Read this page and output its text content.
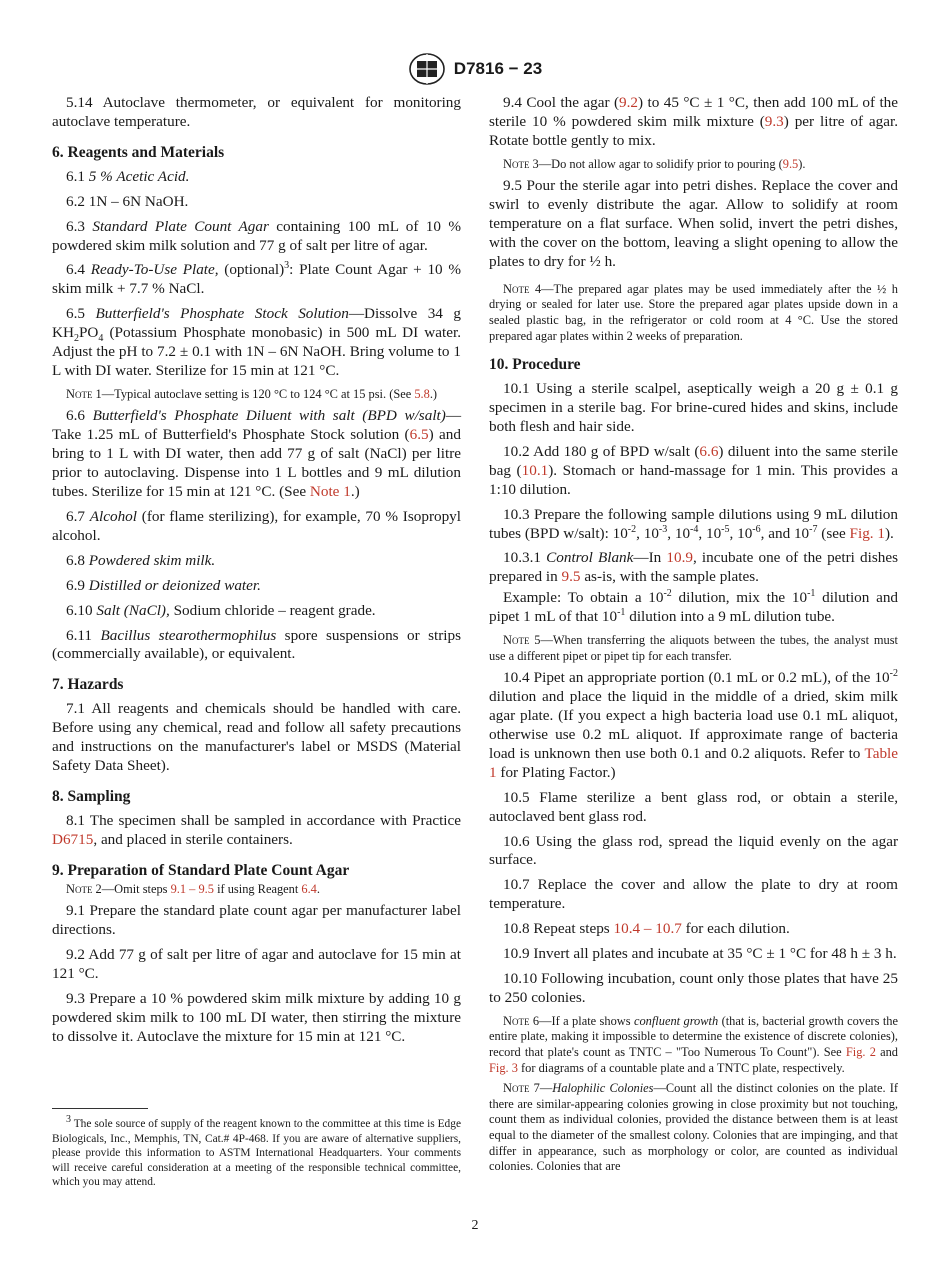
D7816 − 23

5.14 Autoclave thermometer, or equivalent for monitoring autoclave temperature.

6. Reagents and Materials

6.1 5 % Acetic Acid.

6.2 1N – 6N NaOH.

6.3 Standard Plate Count Agar containing 100 mL of 10 % powdered skim milk solution and 77 g of salt per litre of agar.

6.4 Ready-To-Use Plate, (optional)$^3$: Plate Count Agar + 10 % skim milk + 7.7 % NaCl.

6.5 Butterfield's Phosphate Stock Solution—Dissolve 34 g $KH_2PO_4$ (Potassium Phosphate monobasic) in 500 mL DI water. Adjust the pH to 7.2 ± 0.1 with 1N – 6N NaOH. Bring volume to 1 L with DI water. Sterilize for 15 min at 121 °C.

Note 1—Typical autoclave setting is 120 °C to 124 °C at 15 psi. (See 5.8.)

6.6 Butterfield's Phosphate Diluent with salt (BPD w/salt)—Take 1.25 mL of Butterfield's Phosphate Stock solution (6.5) and bring to 1 L with DI water, then add 77 g of salt (NaCl) per litre prior to autoclaving. Dispense into 1 L bottles and 9 mL dilution tubes. Sterilize for 15 min at 121 °C. (See Note 1.)

6.7 Alcohol (for flame sterilizing), for example, 70 % Isopropyl alcohol.

6.8 Powdered skim milk.

6.9 Distilled or deionized water.

6.10 Salt (NaCl), Sodium chloride – reagent grade.

6.11 Bacillus stearothermophilus spore suspensions or strips (commercially available), or equivalent.

7. Hazards

7.1 All reagents and chemicals should be handled with care. Before using any chemical, read and follow all safety precautions and instructions on the manufacturer's label or MSDS (Material Safety Data Sheet).

8. Sampling

8.1 The specimen shall be sampled in accordance with Practice D6715, and placed in sterile containers.

9. Preparation of Standard Plate Count Agar

Note 2—Omit steps 9.1 – 9.5 if using Reagent 6.4.

9.1 Prepare the standard plate count agar per manufacturer label directions.

9.2 Add 77 g of salt per litre of agar and autoclave for 15 min at 121 °C.

9.3 Prepare a 10 % powdered skim milk mixture by adding 10 g powdered skim milk to 100 mL DI water, then stirring the mixture to dissolve it. Autoclave the mixture for 15 min at 121 °C.

$^3$ The sole source of supply of the reagent known to the committee at this time is Edge Biologicals, Inc., Memphis, TN, Cat.# 4P-468. If you are aware of alternative suppliers, please provide this information to ASTM International Headquarters. Your comments will receive careful consideration at a meeting of the responsible technical committee, which you may attend.

9.4 Cool the agar (9.2) to 45 °C ± 1 °C, then add 100 mL of the sterile 10 % powdered skim milk mixture (9.3) per litre of agar. Rotate bottle gently to mix.

Note 3—Do not allow agar to solidify prior to pouring (9.5).

9.5 Pour the sterile agar into petri dishes. Replace the cover and swirl to evenly distribute the agar. Allow to solidify at room temperature on a flat surface. When solid, invert the petri dishes, with the cover on the bottom, leaving a slight opening to allow the plates to dry for ½ h.

Note 4—The prepared agar plates may be used immediately after the ½ h drying or sealed for later use. Store the prepared agar plates upside down in a sealed plastic bag, in the refrigerator or cold room at 4 °C. Use the stored prepared agar plates within 2 weeks of preparation.

10. Procedure

10.1 Using a sterile scalpel, aseptically weigh a 20 g ± 0.1 g specimen in a sterile bag. For brine-cured hides and skins, include both flesh and hair side.

10.2 Add 180 g of BPD w/salt (6.6) diluent into the same sterile bag (10.1). Stomach or hand-massage for 1 min. This provides a 1:10 dilution.

10.3 Prepare the following sample dilutions using 9 mL dilution tubes (BPD w/salt): $10^{-2}$, $10^{-3}$, $10^{-4}$, $10^{-5}$, $10^{-6}$, and $10^{-7}$ (see Fig. 1).

10.3.1 Control Blank—In 10.9, incubate one of the petri dishes prepared in 9.5 as-is, with the sample plates.

Example: To obtain a $10^{-2}$ dilution, mix the $10^{-1}$ dilution and pipet 1 mL of that $10^{-1}$ dilution into a 9 mL dilution tube.

Note 5—When transferring the aliquots between the tubes, the analyst must use a different pipet or pipet tip for each transfer.

10.4 Pipet an appropriate portion (0.1 mL or 0.2 mL), of the $10^{-2}$ dilution and place the liquid in the middle of a dried, skim milk agar plate. (If you expect a high bacteria load use 0.1 mL aliquot, otherwise use 0.2 mL aliquot. If approximate range of bacteria load is unknown then use both 0.1 and 0.2 aliquots. Refer to Table 1 for Plating Factor.)

10.5 Flame sterilize a bent glass rod, or obtain a sterile, autoclaved bent glass rod.

10.6 Using the glass rod, spread the liquid evenly on the agar surface.

10.7 Replace the cover and allow the plate to dry at room temperature.

10.8 Repeat steps 10.4 – 10.7 for each dilution.

10.9 Invert all plates and incubate at 35 °C ± 1 °C for 48 h ± 3 h.

10.10 Following incubation, count only those plates that have 25 to 250 colonies.

Note 6—If a plate shows confluent growth (that is, bacterial growth covers the entire plate, making it impossible to determine the existence of discrete colonies), record that plate's count as TNTC – "Too Numerous To Count"). See Fig. 2 and Fig. 3 for diagrams of a countable plate and a TNTC plate, respectively.

Note 7—Halophilic Colonies—Count all the distinct colonies on the plate. If there are similar-appearing colonies growing in close proximity but not touching, count them as individual colonies, provided the distance between them is at least equal to the diameter of the smallest colony. Colonies that are impinging, and that differ in appearance, such as morphology or color, are counted as individual colonies. Colonies that are

2
